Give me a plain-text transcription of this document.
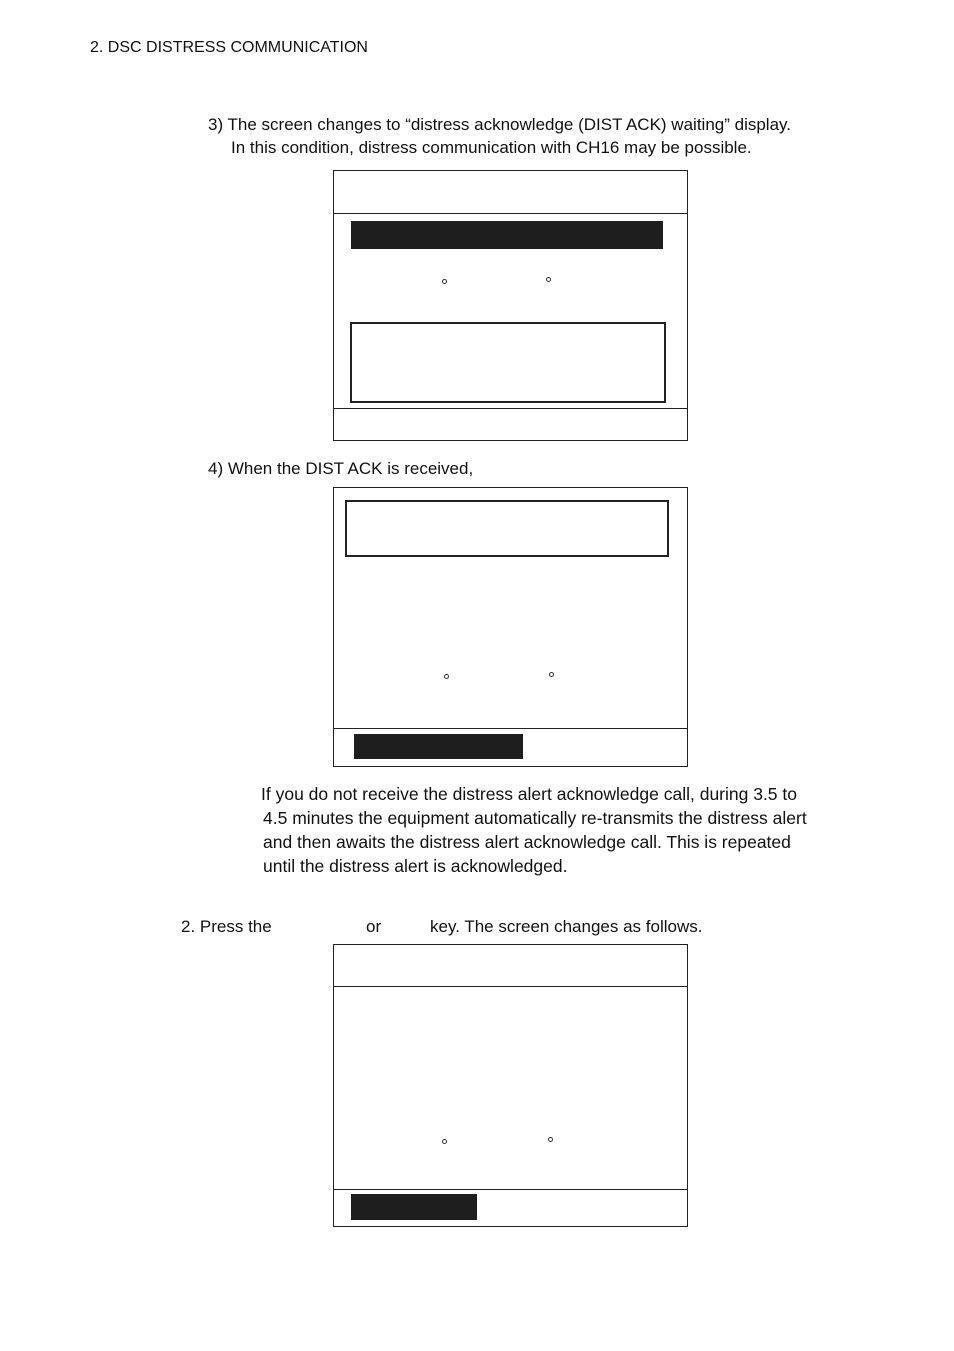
2. DSC DISTRESS COMMUNICATION
3) The screen changes to “distress acknowledge (DIST ACK) waiting” display.
In this condition, distress communication with CH16 may be possible.
4) When the DIST ACK is received,
If you do not receive the distress alert acknowledge call, during 3.5 to
4.5 minutes the equipment automatically re-transmits the distress alert
and then awaits the distress alert acknowledge call. This is repeated
until the distress alert is acknowledged.
2. Press the	or	key. The screen changes as follows.
